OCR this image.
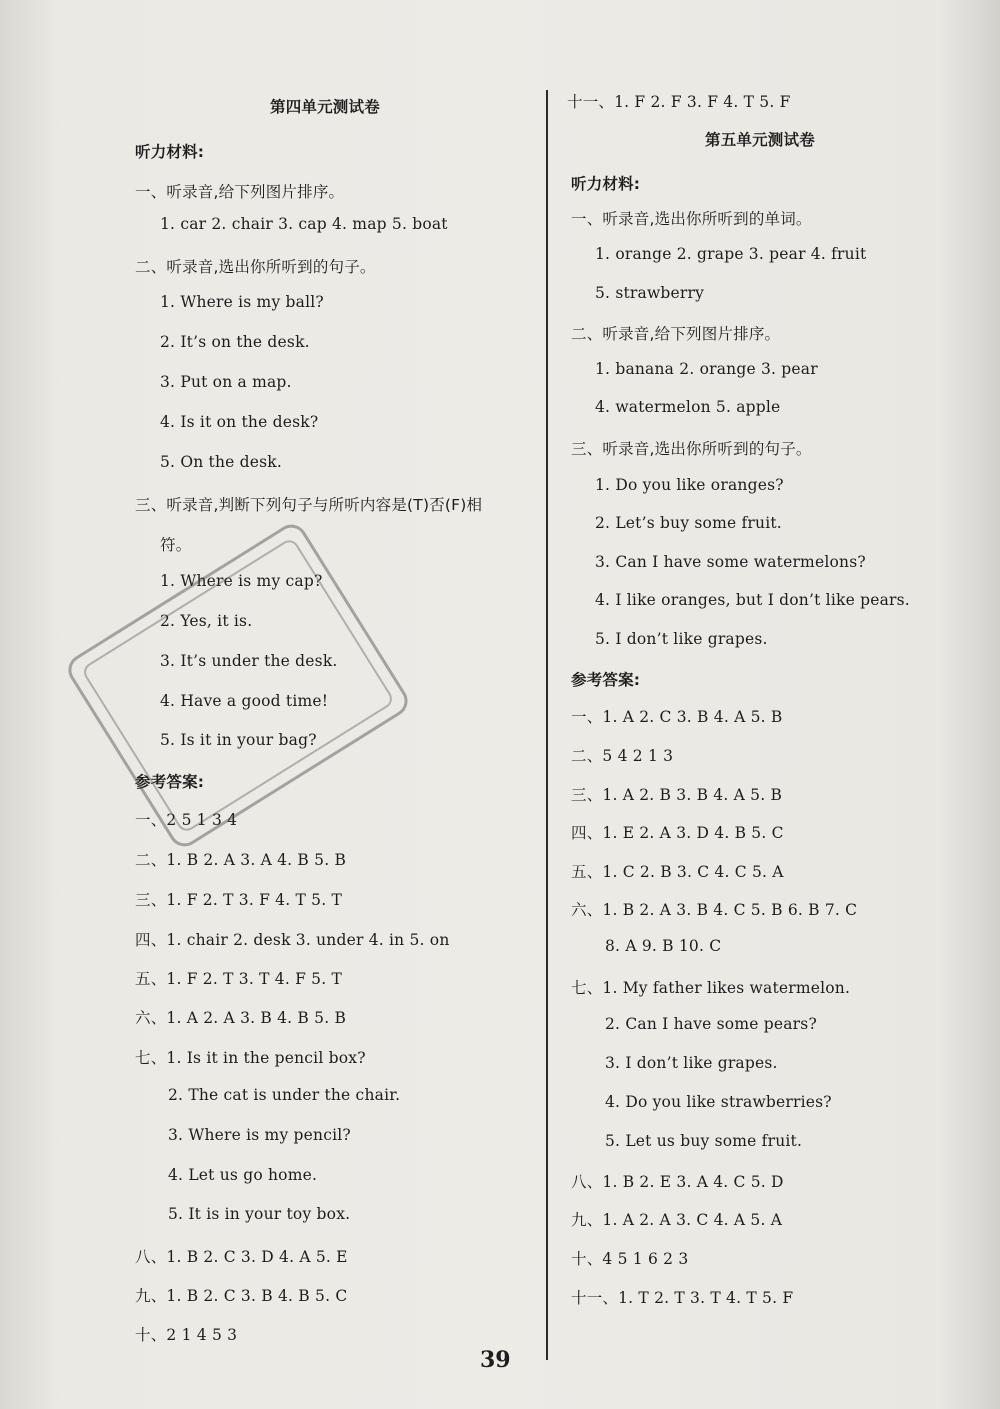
第四单元测试卷
听力材料:
一、听录音,给下列图片排序。
1. car 2. chair 3. cap 4. map 5. boat
二、听录音,选出你所听到的句子。
1. Where is my ball?
2. It’s on the desk.
3. Put on a map.
4. Is it on the desk?
5. On the desk.
三、听录音,判断下列句子与所听内容是(T)否(F)相
符。
1. Where is my cap?
2. Yes, it is.
3. It’s under the desk.
4. Have a good time!
5. Is it in your bag?
参考答案:
一、2 5 1 3 4
二、1. B 2. A 3. A 4. B 5. B
三、1. F 2. T 3. F 4. T 5. T
四、1. chair 2. desk 3. under 4. in 5. on
五、1. F 2. T 3. T 4. F 5. T
六、1. A 2. A 3. B 4. B 5. B
七、1. Is it in the pencil box?
2. The cat is under the chair.
3. Where is my pencil?
4. Let us go home.
5. It is in your toy box.
八、1. B 2. C 3. D 4. A 5. E
九、1. B 2. C 3. B 4. B 5. C
十、2 1 4 5 3
十一、1. F 2. F 3. F 4. T 5. F
第五单元测试卷
听力材料:
一、听录音,选出你所听到的单词。
1. orange 2. grape 3. pear 4. fruit
5. strawberry
二、听录音,给下列图片排序。
1. banana 2. orange 3. pear
4. watermelon 5. apple
三、听录音,选出你所听到的句子。
1. Do you like oranges?
2. Let’s buy some fruit.
3. Can I have some watermelons?
4. I like oranges, but I don’t like pears.
5. I don’t like grapes.
参考答案:
一、1. A 2. C 3. B 4. A 5. B
二、5 4 2 1 3
三、1. A 2. B 3. B 4. A 5. B
四、1. E 2. A 3. D 4. B 5. C
五、1. C 2. B 3. C 4. C 5. A
六、1. B 2. A 3. B 4. C 5. B 6. B 7. C
8. A 9. B 10. C
七、1. My father likes watermelon.
2. Can I have some pears?
3. I don’t like grapes.
4. Do you like strawberries?
5. Let us buy some fruit.
八、1. B 2. E 3. A 4. C 5. D
九、1. A 2. A 3. C 4. A 5. A
十、4 5 1 6 2 3
十一、1. T 2. T 3. T 4. T 5. F
39
